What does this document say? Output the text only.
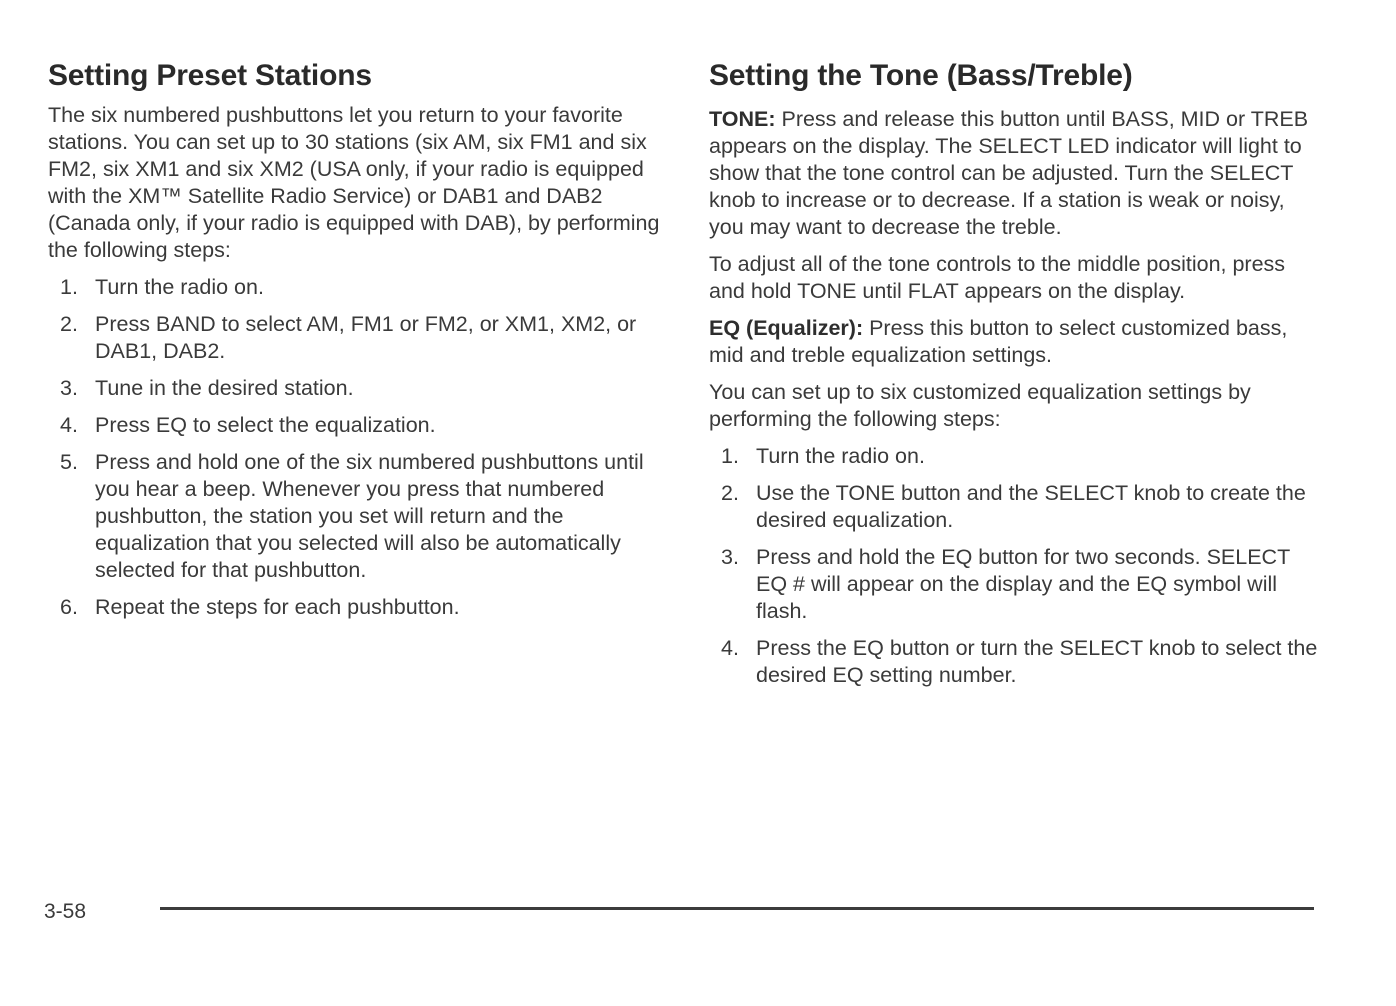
Setting Preset Stations

The six numbered pushbuttons let you return to your favorite stations. You can set up to 30 stations (six AM, six FM1 and six FM2, six XM1 and six XM2 (USA only, if your radio is equipped with the XM™ Satellite Radio Service) or DAB1 and DAB2 (Canada only, if your radio is equipped with DAB), by performing the following steps:

1. Turn the radio on.
2. Press BAND to select AM, FM1 or FM2, or XM1, XM2, or DAB1, DAB2.
3. Tune in the desired station.
4. Press EQ to select the equalization.
5. Press and hold one of the six numbered pushbuttons until you hear a beep. Whenever you press that numbered pushbutton, the station you set will return and the equalization that you selected will also be automatically selected for that pushbutton.
6. Repeat the steps for each pushbutton.
Setting the Tone (Bass/Treble)

TONE: Press and release this button until BASS, MID or TREB appears on the display. The SELECT LED indicator will light to show that the tone control can be adjusted. Turn the SELECT knob to increase or to decrease. If a station is weak or noisy, you may want to decrease the treble.

To adjust all of the tone controls to the middle position, press and hold TONE until FLAT appears on the display.

EQ (Equalizer): Press this button to select customized bass, mid and treble equalization settings.

You can set up to six customized equalization settings by performing the following steps:

1. Turn the radio on.
2. Use the TONE button and the SELECT knob to create the desired equalization.
3. Press and hold the EQ button for two seconds. SELECT EQ # will appear on the display and the EQ symbol will flash.
4. Press the EQ button or turn the SELECT knob to select the desired EQ setting number.
3-58
